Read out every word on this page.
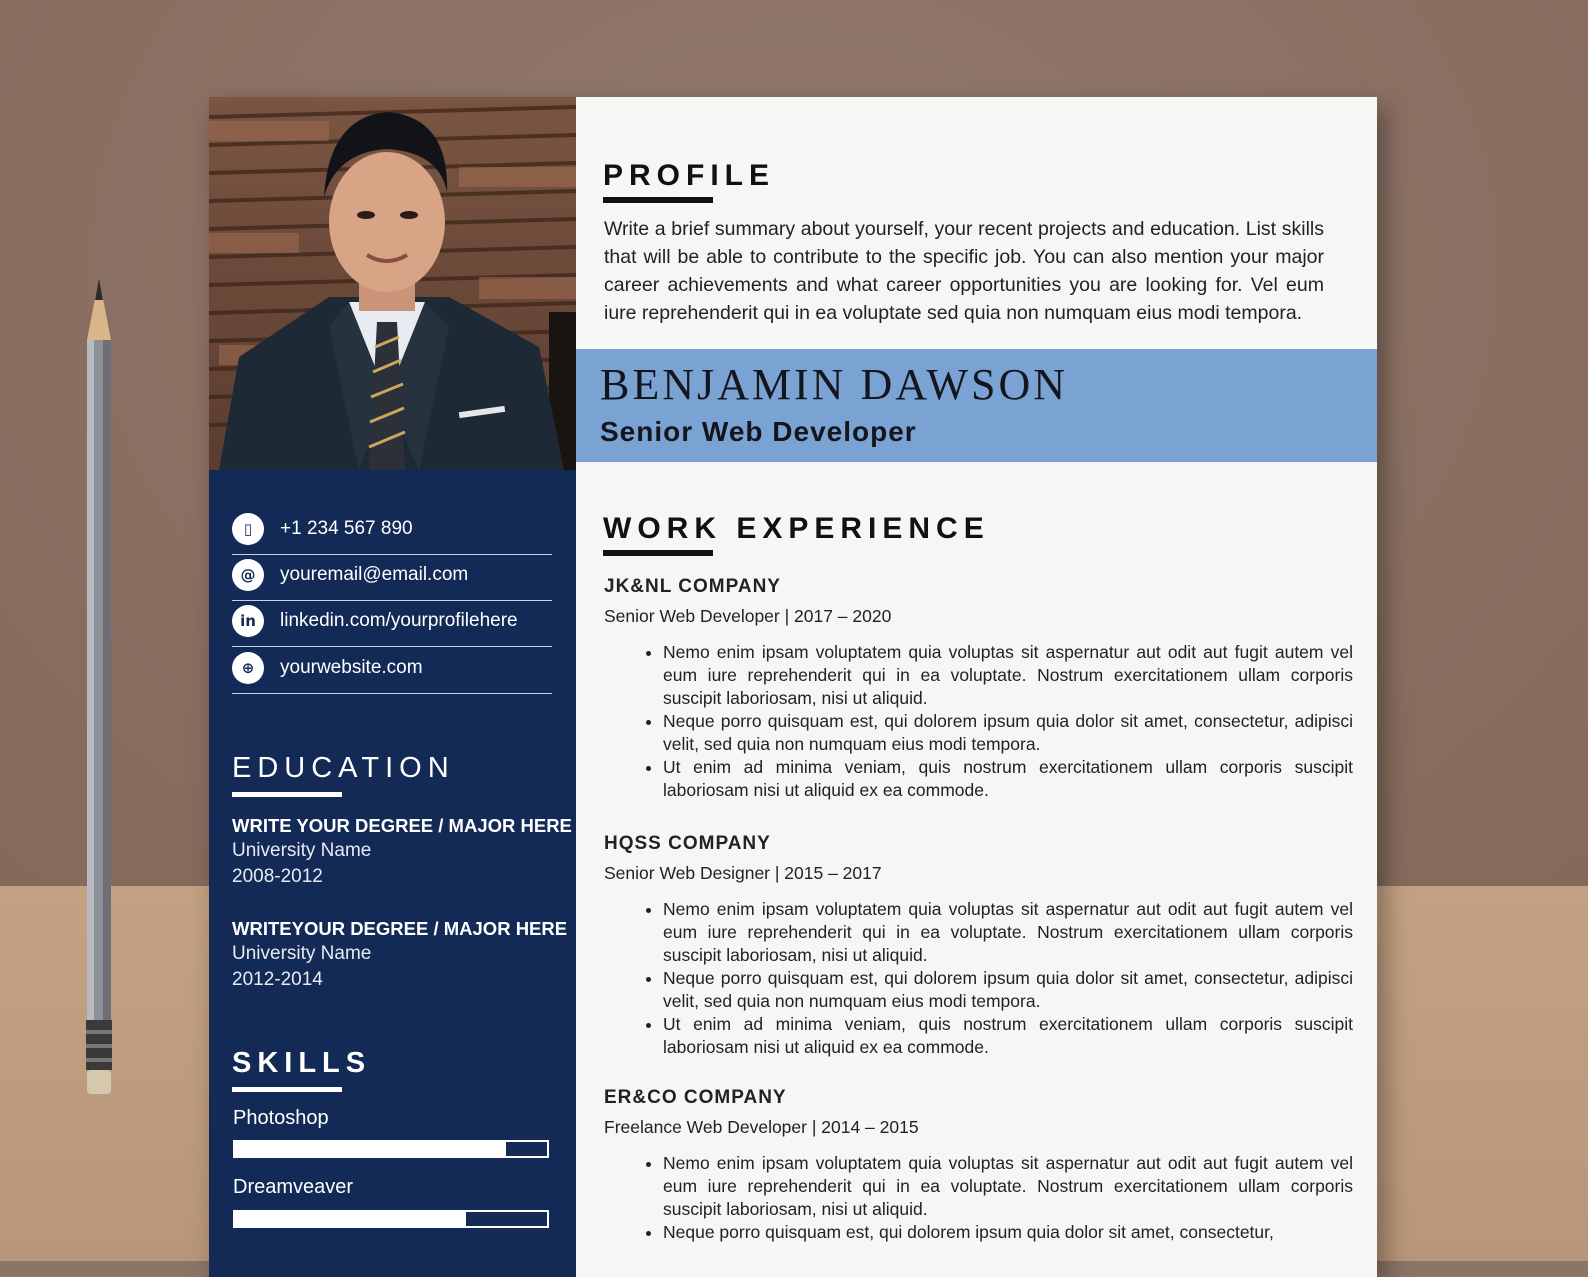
▯	+1 234 567 890
@	youremail@email.com
in	linkedin.com/yourprofilehere
⊕	yourwebsite.com
EDUCATION
WRITE YOUR DEGREE / MAJOR HERE
University Name
2008-2012
WRITEYOUR DEGREE / MAJOR HERE
University Name
2012-2014
SKILLS
Photoshop
Dreamveaver
PROFILE
Write a brief summary about yourself, your recent projects and education. List skills that will be able to contribute to the specific job. You can also mention your major career achievements and what career opportunities you are looking for. Vel eum iure reprehenderit qui in ea voluptate sed quia non numquam eius modi tempora.
BENJAMIN DAWSON
Senior Web Developer
WORK EXPERIENCE
JK&NL COMPANY
Senior Web Developer | 2017 – 2020
• Nemo enim ipsam voluptatem quia voluptas sit aspernatur aut odit aut fugit autem vel eum iure reprehenderit qui in ea voluptate. Nostrum exercitationem ullam corporis suscipit laboriosam, nisi ut aliquid.
• Neque porro quisquam est, qui dolorem ipsum quia dolor sit amet, consectetur, adipisci velit, sed quia non numquam eius modi tempora.
• Ut enim ad minima veniam, quis nostrum exercitationem ullam corporis suscipit laboriosam nisi ut aliquid ex ea commode.
HQSS COMPANY
Senior Web Designer | 2015 – 2017
• Nemo enim ipsam voluptatem quia voluptas sit aspernatur aut odit aut fugit autem vel eum iure reprehenderit qui in ea voluptate. Nostrum exercitationem ullam corporis suscipit laboriosam, nisi ut aliquid.
• Neque porro quisquam est, qui dolorem ipsum quia dolor sit amet, consectetur, adipisci velit, sed quia non numquam eius modi tempora.
• Ut enim ad minima veniam, quis nostrum exercitationem ullam corporis suscipit laboriosam nisi ut aliquid ex ea commode.
ER&CO COMPANY
Freelance Web Developer | 2014 – 2015
• Nemo enim ipsam voluptatem quia voluptas sit aspernatur aut odit aut fugit autem vel eum iure reprehenderit qui in ea voluptate. Nostrum exercitationem ullam corporis suscipit laboriosam, nisi ut aliquid.
• Neque porro quisquam est, qui dolorem ipsum quia dolor sit amet, consectetur,
